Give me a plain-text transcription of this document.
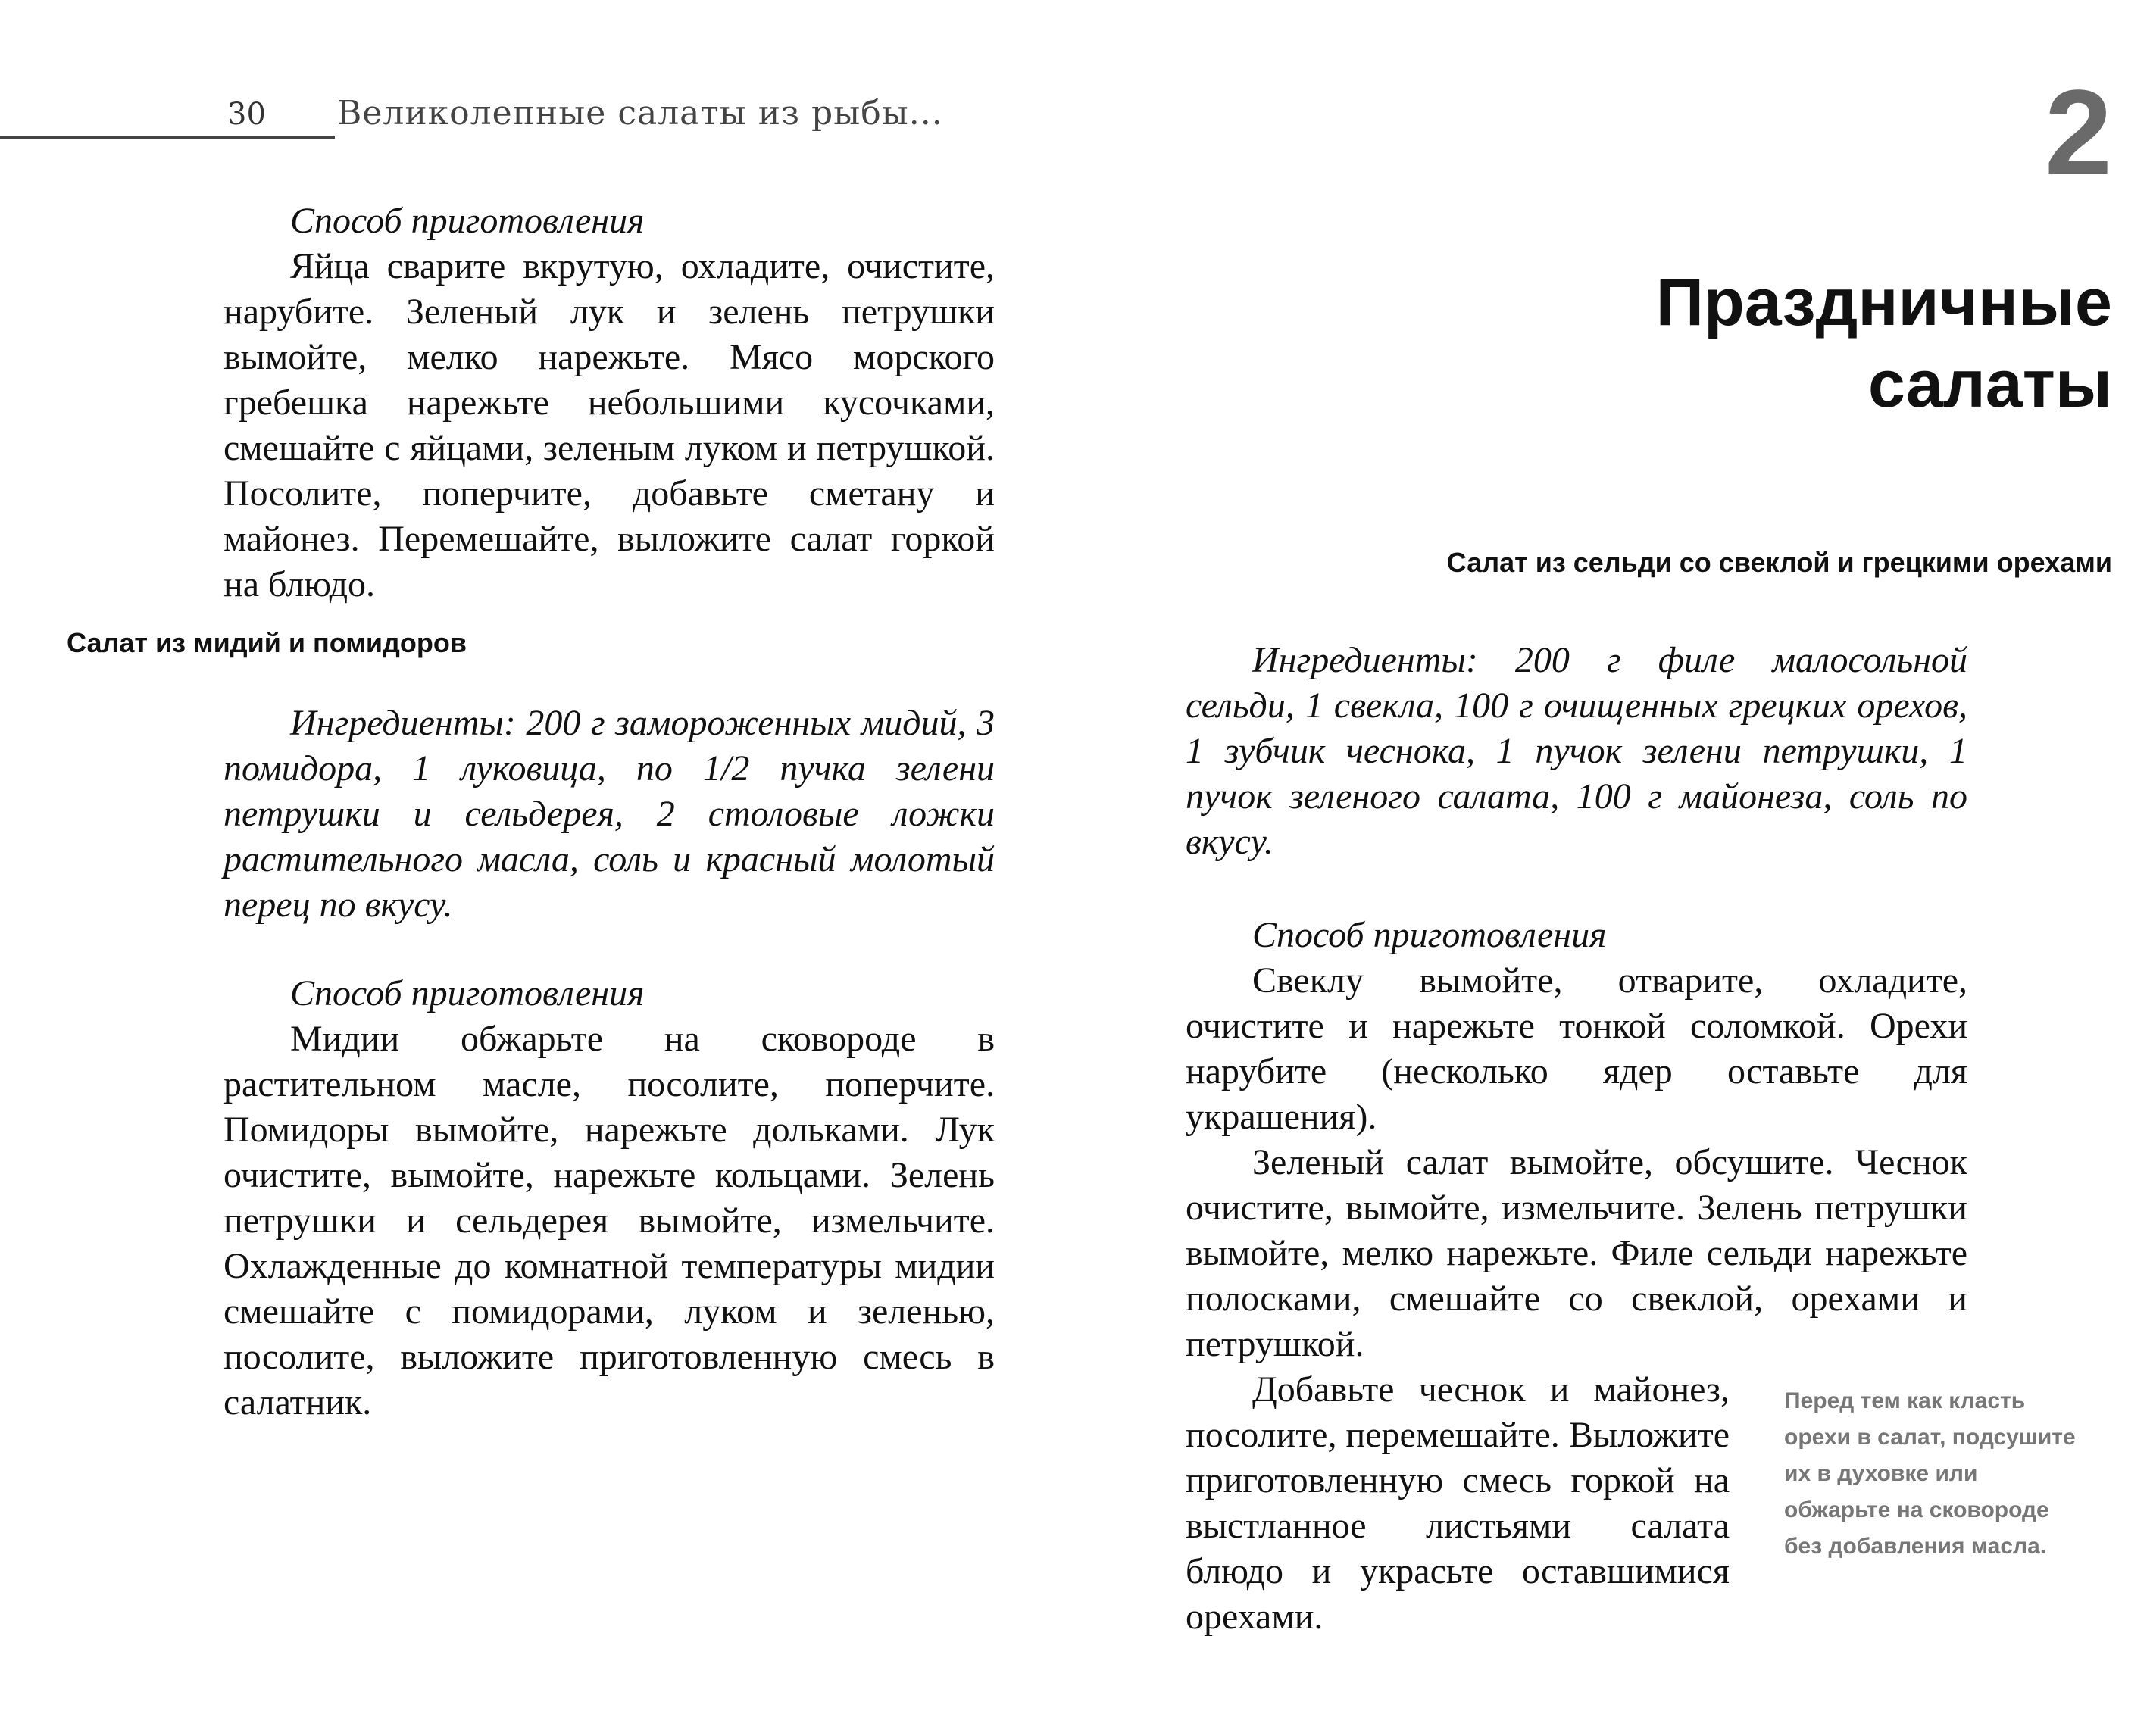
30 Великолепные салаты из рыбы...

Способ приготовления

Яйца сварите вкрутую, охладите, очистите, нарубите. Зеленый лук и зелень петрушки вымойте, мелко нарежьте. Мясо морского гребешка нарежьте небольшими кусочками, смешайте с яйцами, зеленым луком и петрушкой. Посолите, поперчите, добавьте сметану и майонез. Перемешайте, выложите салат горкой на блюдо.

Салат из мидий и помидоров

Ингредиенты: 200 г замороженных мидий, 3 помидора, 1 луковица, по 1/2 пучка зелени петрушки и сельдерея, 2 столовые ложки растительного масла, соль и красный молотый перец по вкусу.

Способ приготовления

Мидии обжарьте на сковороде в растительном масле, посолите, поперчите. Помидоры вымойте, нарежьте дольками. Лук очистите, вымойте, нарежьте кольцами. Зелень петрушки и сельдерея вымойте, измельчите. Охлажденные до комнатной температуры мидии смешайте с помидорами, луком и зеленью, посолите, выложите приготовленную смесь в салатник.

2
Праздничные
салаты
Салат из сельди со свеклой и грецкими орехами

Ингредиенты: 200 г филе малосольной сельди, 1 свекла, 100 г очищенных грецких орехов, 1 зубчик чеснока, 1 пучок зелени петрушки, 1 пучок зеленого салата, 100 г майонеза, соль по вкусу.

Способ приготовления

Свеклу вымойте, отварите, охладите, очистите и нарежьте тонкой соломкой. Орехи нарубите (несколько ядер оставьте для украшения).

Зеленый салат вымойте, обсушите. Чеснок очистите, вымойте, измельчите. Зелень петрушки вымойте, мелко нарежьте. Филе сельди нарежьте полосками, смешайте со свеклой, орехами и петрушкой.

Добавьте чеснок и майонез, посолите, перемешайте. Выложите приготовленную смесь горкой на выстланное листьями салата блюдо и украсьте оставшимися орехами.

Перед тем как класть орехи в салат, подсушите их в духовке или обжарьте на сковороде без добавления масла.
